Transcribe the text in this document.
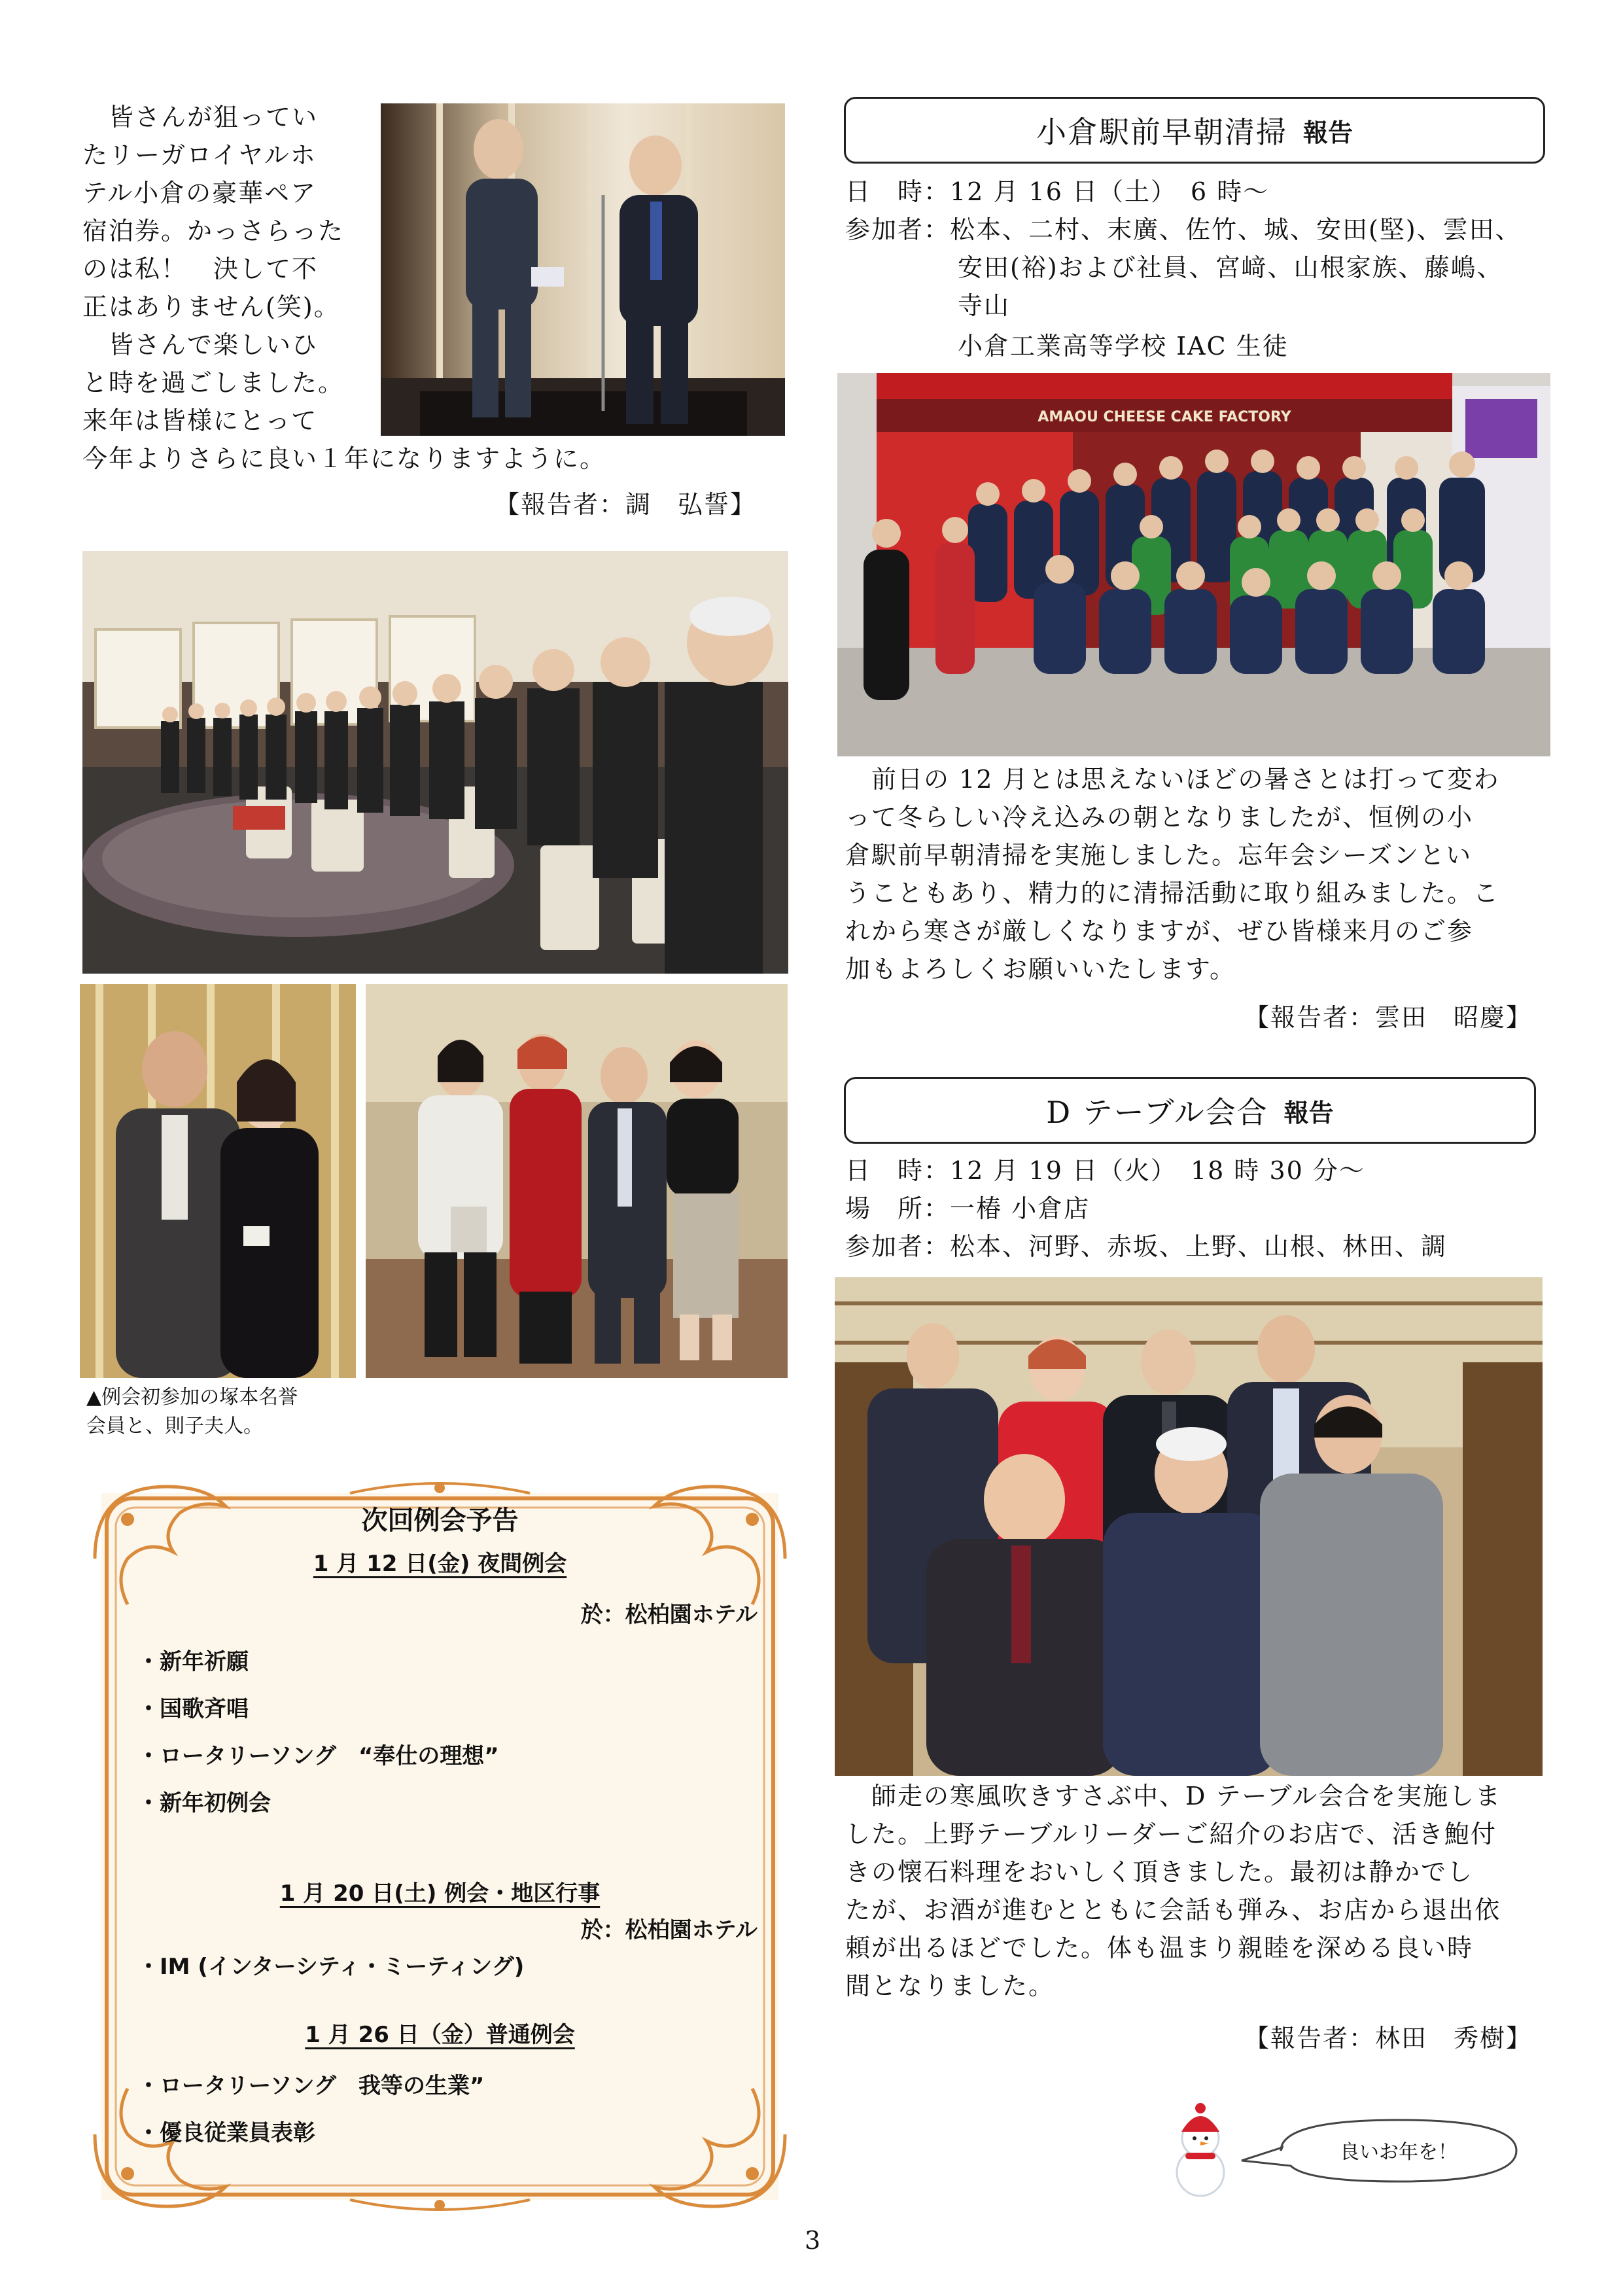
　皆さんが狙ってい
たリーガロイヤルホ
テル小倉の豪華ペア
宿泊券。かっさらった
のは私！　決して不
正はありません(笑)。
　皆さんで楽しいひ
と時を過ごしました。
来年は皆様にとって
今年よりさらに良い１年になりますように。
【報告者：調　弘誓】
▲例会初参加の塚本名誉
会員と、則子夫人。
次回例会予告
1 月 12 日(金) 夜間例会
於：松柏園ホテル
・新年祈願
・国歌斉唱
・ロータリーソング　“奉仕の理想”
・新年初例会
1 月 20 日(土) 例会・地区行事
於：松柏園ホテル
・IM (インターシティ・ミーティング)
1 月 26 日（金）普通例会
・ロータリーソング　我等の生業”
・優良従業員表彰
小倉駅前早朝清掃 報告
日　時：12 月 16 日（土）　6 時～
参加者：松本、二村、末廣、佐竹、城、安田(堅)、雲田、
安田(裕)および社員、宮﨑、山根家族、藤嶋、
寺山
小倉工業高等学校 IAC 生徒
AMAOU CHEESE CAKE FACTORY
　前日の 12 月とは思えないほどの暑さとは打って変わ
って冬らしい冷え込みの朝となりましたが、恒例の小
倉駅前早朝清掃を実施しました。忘年会シーズンとい
うこともあり、精力的に清掃活動に取り組みました。こ
れから寒さが厳しくなりますが、ぜひ皆様来月のご参
加もよろしくお願いいたします。
【報告者：雲田　昭慶】
D テーブル会合 報告
日　時：12 月 19 日（火）　18 時 30 分～
場　所：一椿 小倉店
参加者：松本、河野、赤坂、上野、山根、林田、調
　師走の寒風吹きすさぶ中、D テーブル会合を実施しま
した。上野テーブルリーダーご紹介のお店で、活き鮑付
きの懐石料理をおいしく頂きました。最初は静かでし
たが、お酒が進むとともに会話も弾み、お店から退出依
頼が出るほどでした。体も温まり親睦を深める良い時
間となりました。
【報告者：林田　秀樹】
良いお年を！
3
